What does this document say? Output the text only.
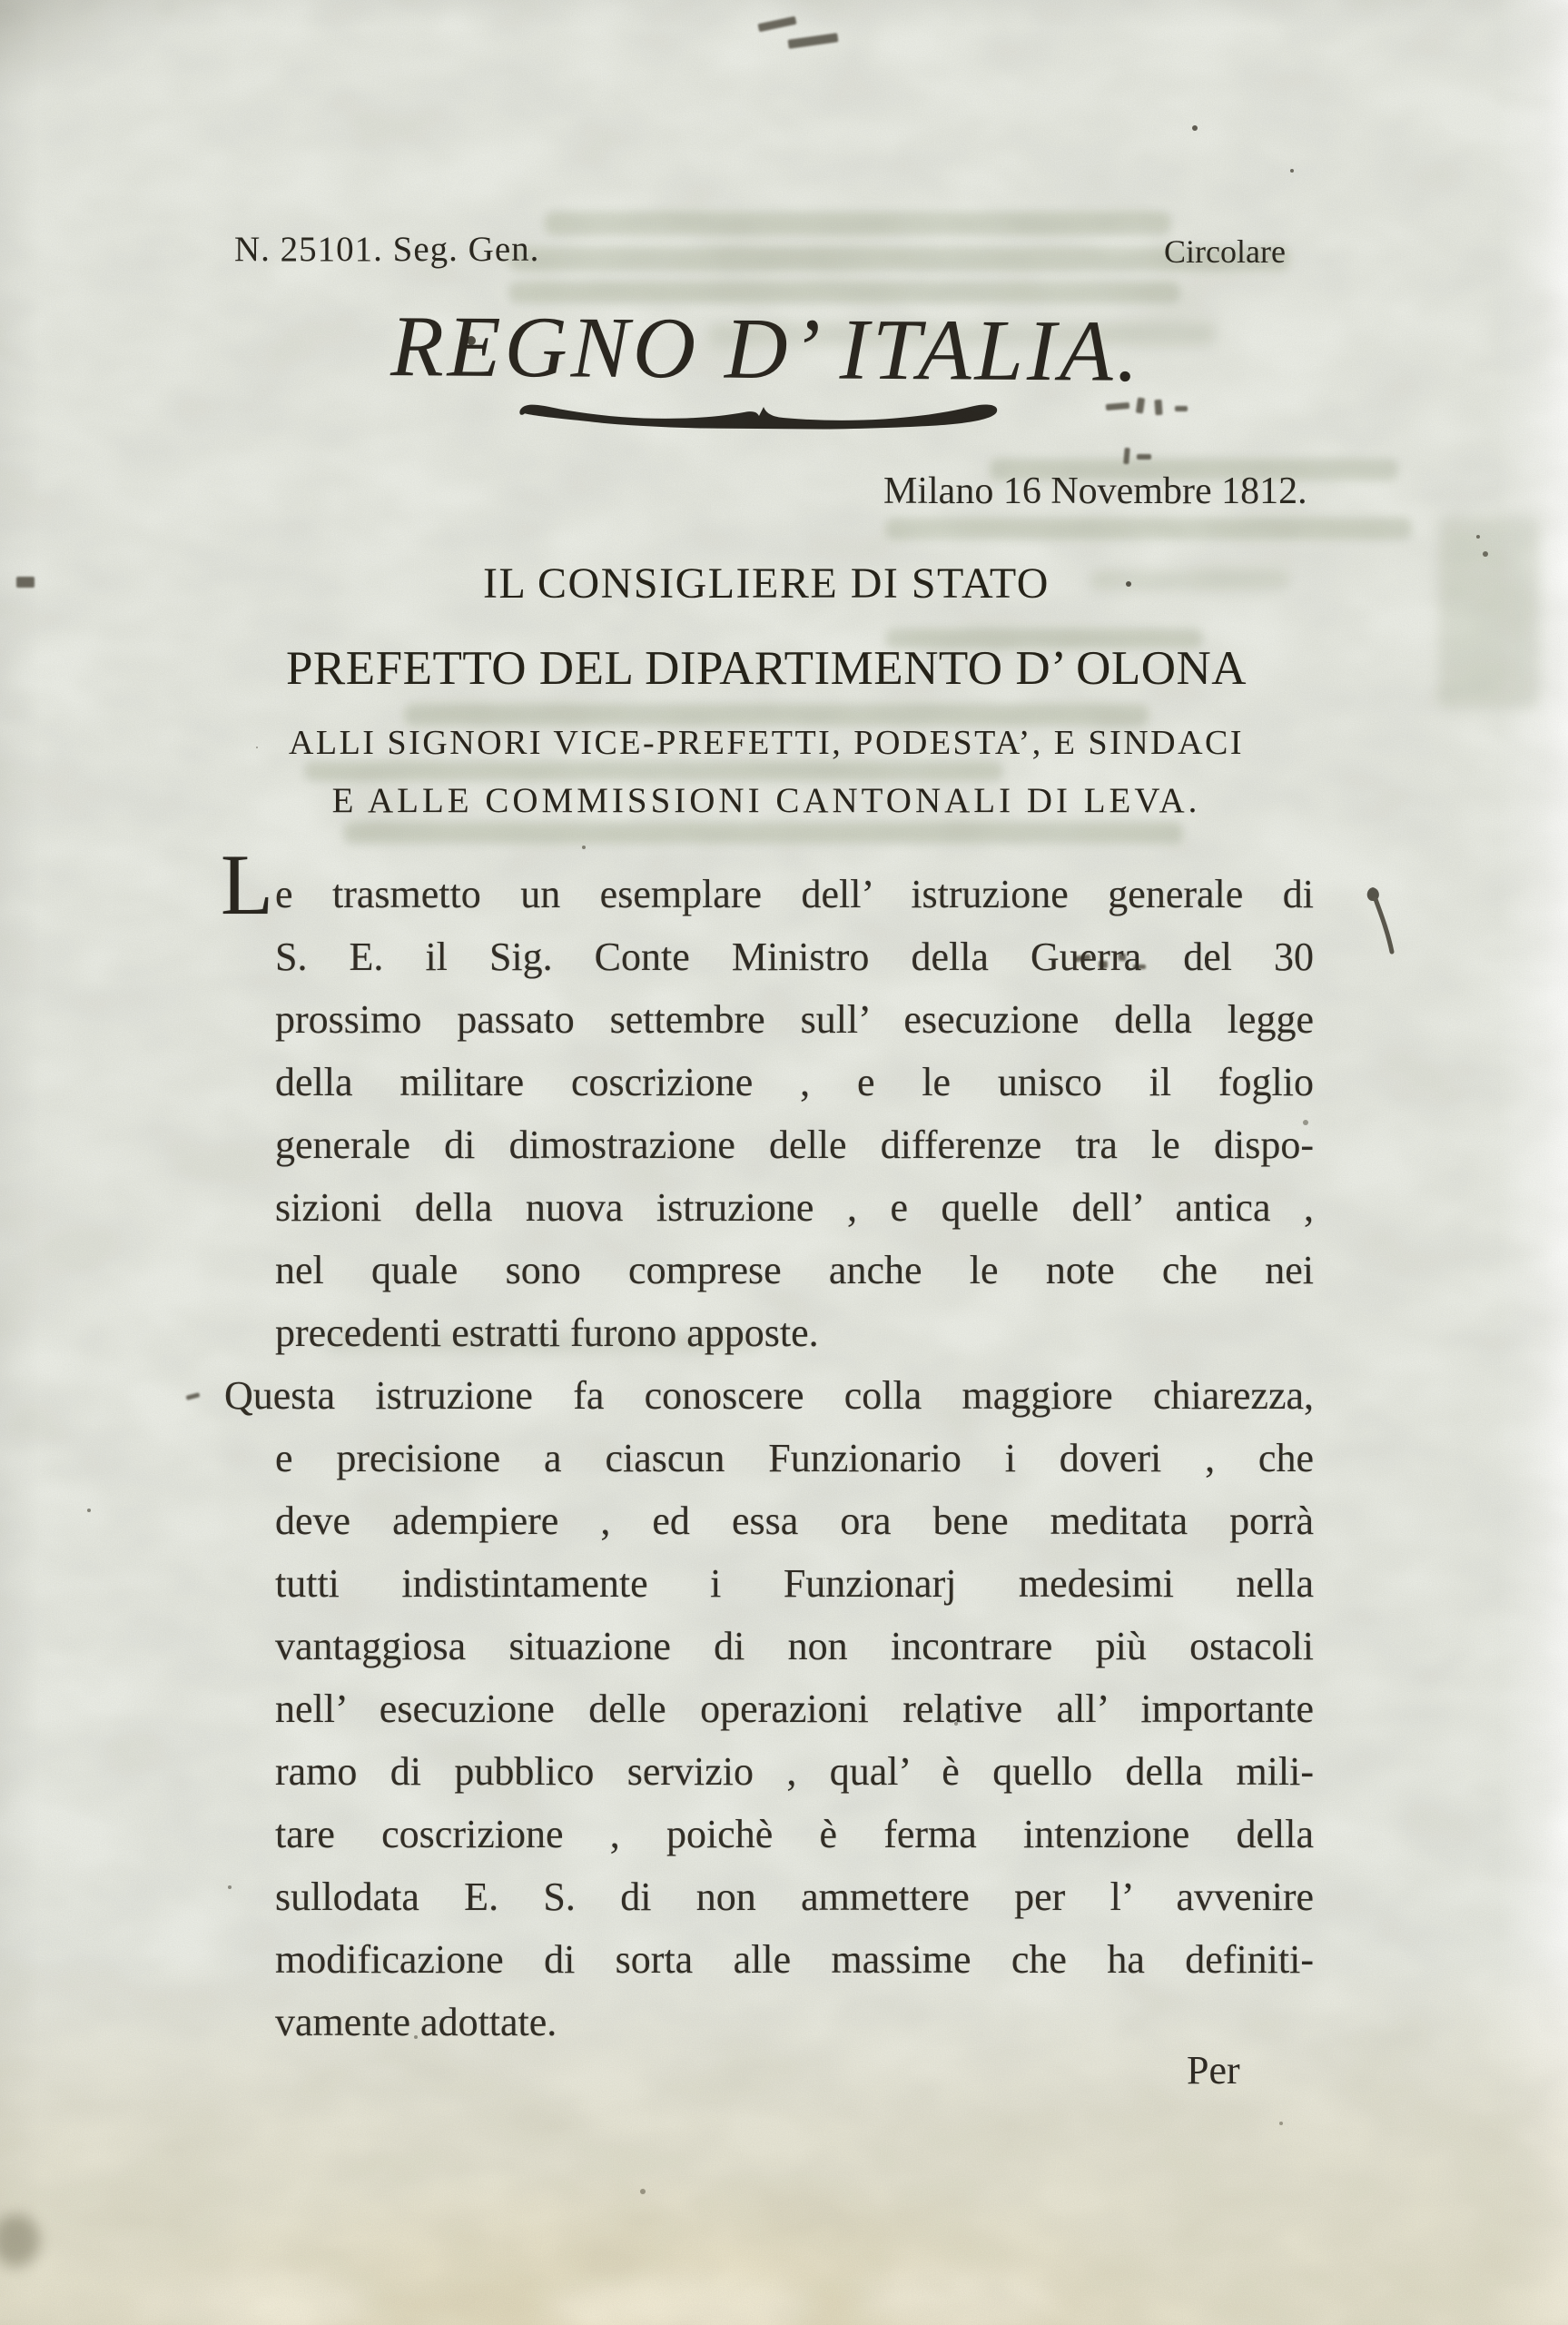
N. 25101. Seg. Gen.	Circolare
REGNO D’ ITALIA.
Milano 16 Novembre 1812.
IL CONSIGLIERE DI STATO
PREFETTO DEL DIPARTIMENTO D’ OLONA
ALLI SIGNORI VICE-PREFETTI, PODESTA’, E SINDACI
E ALLE COMMISSIONI CANTONALI DI LEVA.
L e trasmetto un esemplare dell’ istruzione generale di
S. E. il Sig. Conte Ministro della Guerra del 30
prossimo passato settembre sull’ esecuzione della legge
della militare coscrizione , e le unisco il foglio
generale di dimostrazione delle differenze tra le dispo-
sizioni della nuova istruzione , e quelle dell’ antica ,
nel quale sono comprese anche le note che nei
precedenti estratti furono apposte.
Questa istruzione fa conoscere colla maggiore chiarezza,
e precisione a ciascun Funzionario i doveri , che
deve adempiere , ed essa ora bene meditata porrà
tutti indistintamente i Funzionarj medesimi nella
vantaggiosa situazione di non incontrare più ostacoli
nell’ esecuzione delle operazioni relative all’ importante
ramo di pubblico servizio , qual’ è quello della mili-
tare coscrizione , poichè è ferma intenzione della
sullodata E. S. di non ammettere per l’ avvenire
modificazione di sorta alle massime che ha definiti-
vamente adottate.
Per
